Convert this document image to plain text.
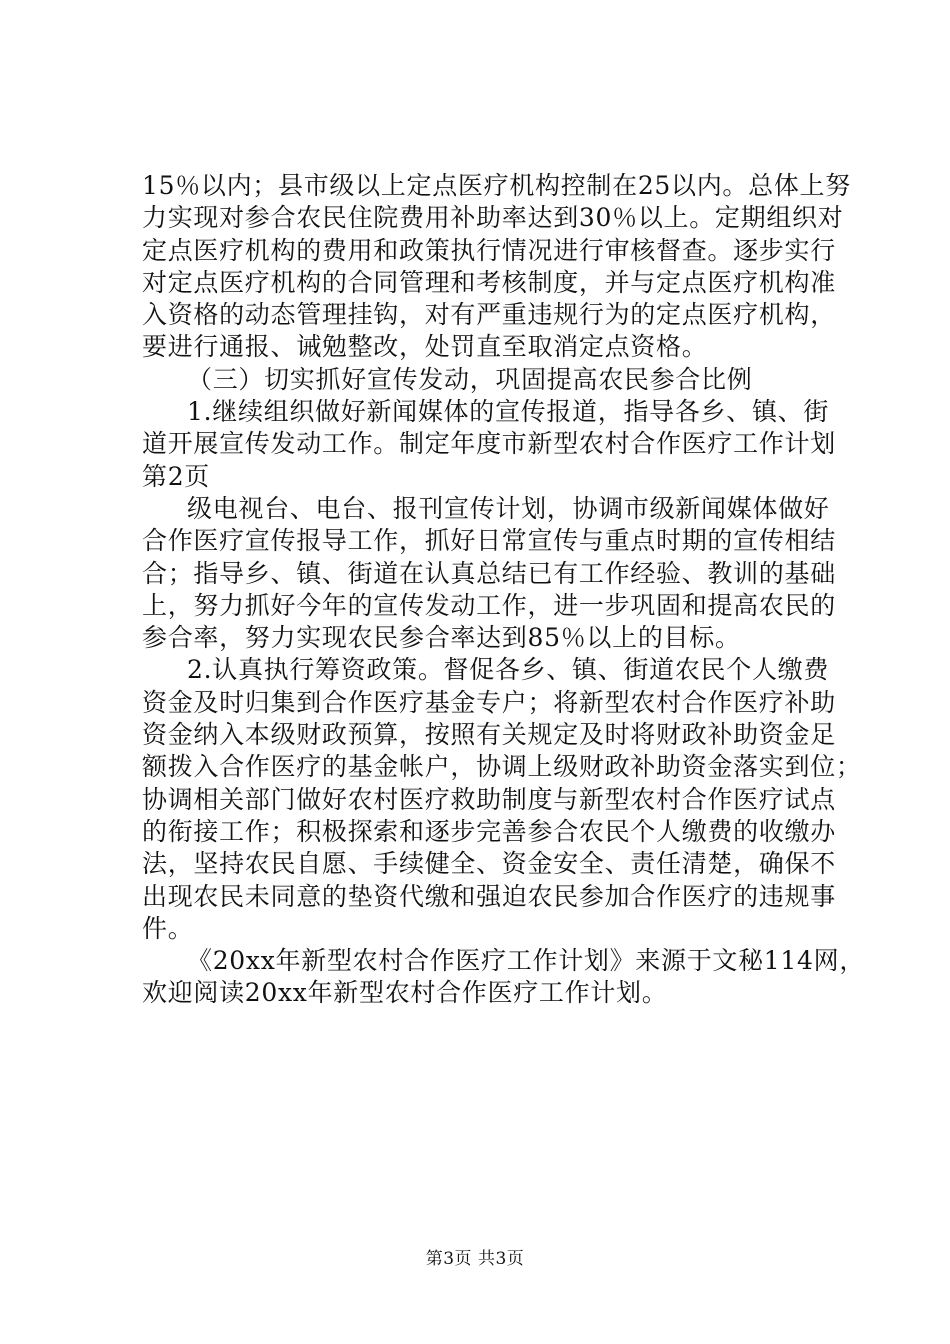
15％以内；县市级以上定点医疗机构控制在25以内。总体上努
力实现对参合农民住院费用补助率达到30％以上。定期组织对
定点医疗机构的费用和政策执行情况进行审核督查。逐步实行
对定点医疗机构的合同管理和考核制度，并与定点医疗机构准
入资格的动态管理挂钩，对有严重违规行为的定点医疗机构，
要进行通报、诫勉整改，处罚直至取消定点资格。
（三）切实抓好宣传发动，巩固提高农民参合比例
1.继续组织做好新闻媒体的宣传报道，指导各乡、镇、街
道开展宣传发动工作。制定年度市新型农村合作医疗工作计划
第2页
级电视台、电台、报刊宣传计划，协调市级新闻媒体做好
合作医疗宣传报导工作，抓好日常宣传与重点时期的宣传相结
合；指导乡、镇、街道在认真总结已有工作经验、教训的基础
上，努力抓好今年的宣传发动工作，进一步巩固和提高农民的
参合率，努力实现农民参合率达到85％以上的目标。
2.认真执行筹资政策。督促各乡、镇、街道农民个人缴费
资金及时归集到合作医疗基金专户；将新型农村合作医疗补助
资金纳入本级财政预算，按照有关规定及时将财政补助资金足
额拨入合作医疗的基金帐户，协调上级财政补助资金落实到位；
协调相关部门做好农村医疗救助制度与新型农村合作医疗试点
的衔接工作；积极探索和逐步完善参合农民个人缴费的收缴办
法，坚持农民自愿、手续健全、资金安全、责任清楚，确保不
出现农民未同意的垫资代缴和强迫农民参加合作医疗的违规事
件。
《20xx年新型农村合作医疗工作计划》来源于文秘114网，
欢迎阅读20xx年新型农村合作医疗工作计划。
第3页 共3页
